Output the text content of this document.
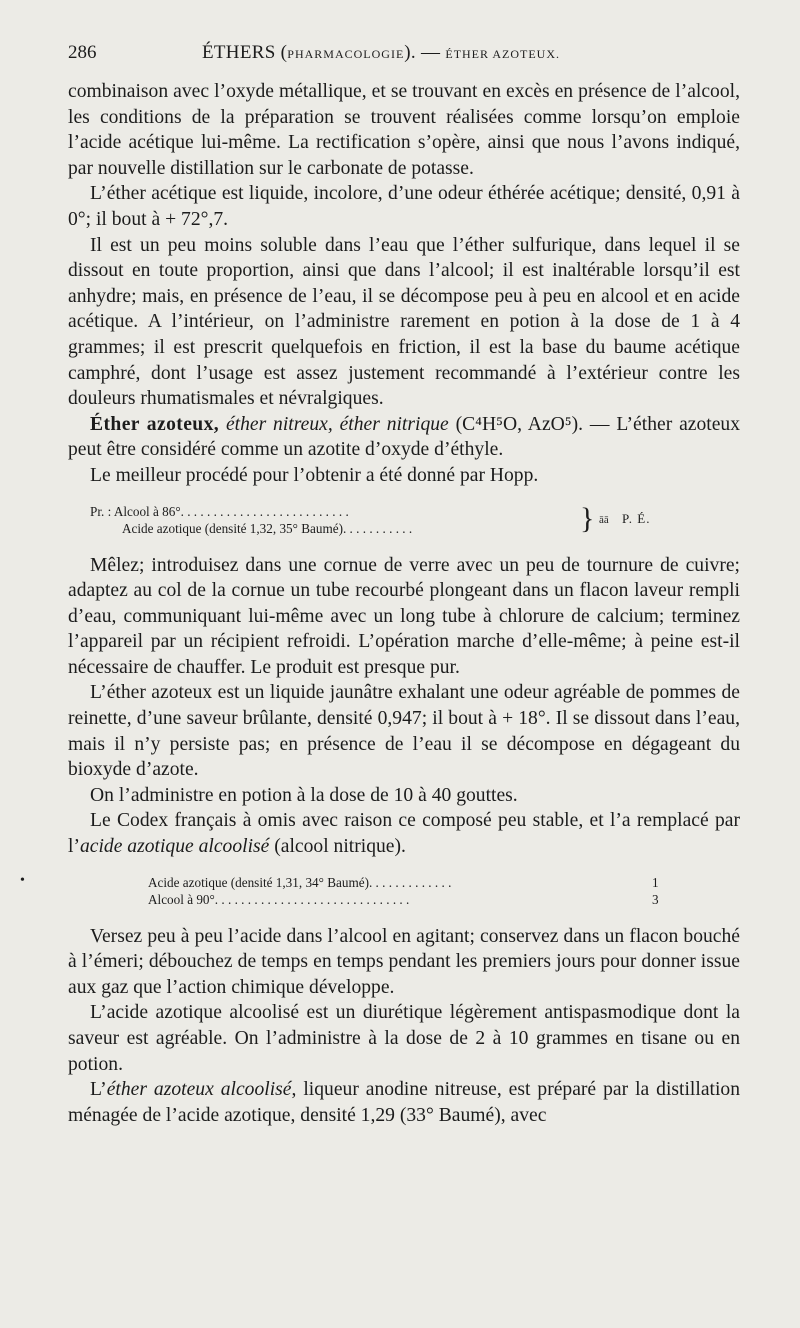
286	ÉTHERS (PHARMACOLOGIE). — ÉTHER AZOTEUX.
•

combinaison avec l’oxyde métallique, et se trouvant en excès en présence de l’alcool, les conditions de la préparation se trouvent réalisées comme lorsqu’on emploie l’acide acétique lui-même. La rectification s’opère, ainsi que nous l’avons indiqué, par nouvelle distillation sur le carbonate de potasse.

L’éther acétique est liquide, incolore, d’une odeur éthérée acétique; densité, 0,91 à 0°; il bout à + 72°,7.

Il est un peu moins soluble dans l’eau que l’éther sulfurique, dans lequel il se dissout en toute proportion, ainsi que dans l’alcool; il est inaltérable lorsqu’il est anhydre; mais, en présence de l’eau, il se décompose peu à peu en alcool et en acide acétique. A l’intérieur, on l’administre rarement en potion à la dose de 1 à 4 grammes; il est prescrit quelquefois en friction, il est la base du baume acétique camphré, dont l’usage est assez justement recommandé à l’extérieur contre les douleurs rhumatismales et névralgiques.

Éther azoteux, éther nitreux, éther nitrique (C⁴H⁵O, AzO⁵). — L’éther azoteux peut être considéré comme un azotite d’oxyde d’éthyle.

Le meilleur procédé pour l’obtenir a été donné par Hopp.

Pr. : Alcool à 86°. . . . . . . . . . . . . . . . . . . . . . . . . .
Acide azotique (densité 1,32, 35° Baumé). . . . . . . . . . .	} āā P. É.

Mêlez; introduisez dans une cornue de verre avec un peu de tournure de cuivre; adaptez au col de la cornue un tube recourbé plongeant dans un flacon laveur rempli d’eau, communiquant lui-même avec un long tube à chlorure de calcium; terminez l’appareil par un récipient refroidi. L’opération marche d’elle-même; à peine est-il nécessaire de chauffer. Le produit est presque pur.

L’éther azoteux est un liquide jaunâtre exhalant une odeur agréable de pommes de reinette, d’une saveur brûlante, densité 0,947; il bout à + 18°. Il se dissout dans l’eau, mais il n’y persiste pas; en présence de l’eau il se décompose en dégageant du bioxyde d’azote.

On l’administre en potion à la dose de 10 à 40 gouttes.

Le Codex français à omis avec raison ce composé peu stable, et l’a remplacé par l’acide azotique alcoolisé (alcool nitrique).

Acide azotique (densité 1,31, 34° Baumé). . . . . . . . . . . . .	1
Alcool à 90°. . . . . . . . . . . . . . . . . . . . . . . . . . . . . .	3

Versez peu à peu l’acide dans l’alcool en agitant; conservez dans un flacon bouché à l’émeri; débouchez de temps en temps pendant les premiers jours pour donner issue aux gaz que l’action chimique développe.

L’acide azotique alcoolisé est un diurétique légèrement antispasmodique dont la saveur est agréable. On l’administre à la dose de 2 à 10 grammes en tisane ou en potion.

L’éther azoteux alcoolisé, liqueur anodine nitreuse, est préparé par la distillation ménagée de l’acide azotique, densité 1,29 (33° Baumé), avec
